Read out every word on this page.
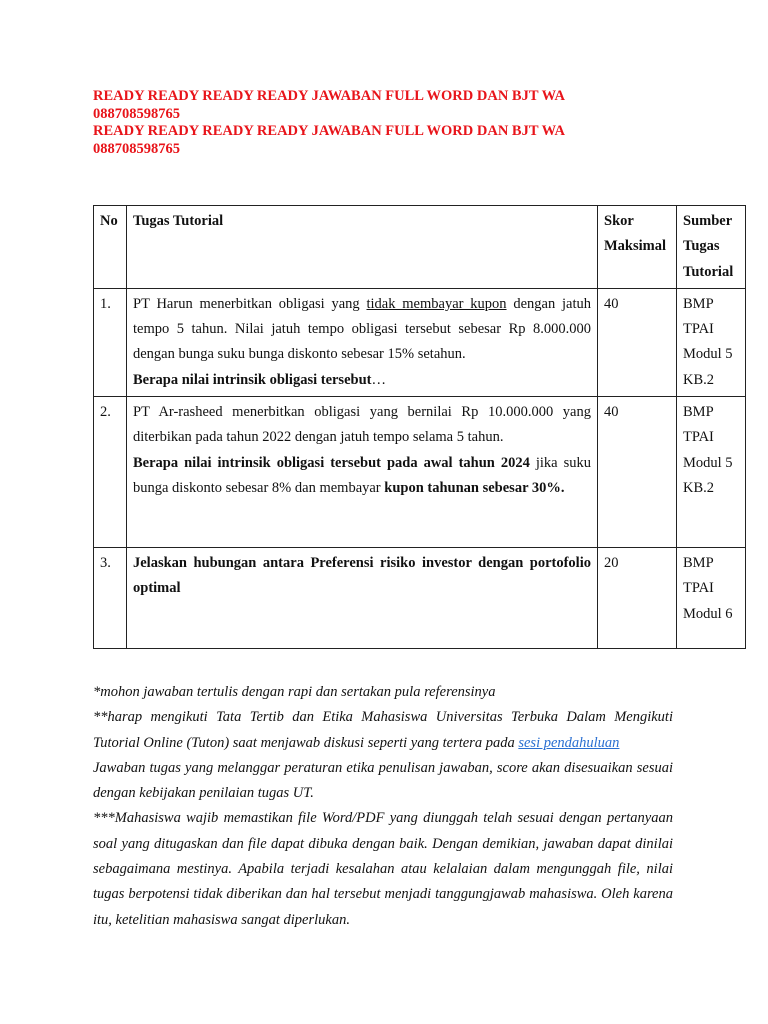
READY READY READY READY JAWABAN FULL WORD DAN BJT WA 088708598765

READY READY READY READY JAWABAN FULL WORD DAN BJT WA 088708598765

No	Tugas Tutorial	Skor Maksimal	Sumber Tugas Tutorial
1.	PT Harun menerbitkan obligasi yang tidak membayar kupon dengan jatuh tempo 5 tahun. Nilai jatuh tempo obligasi tersebut sebesar Rp 8.000.000 dengan bunga suku bunga diskonto sebesar 15% setahun.

Berapa nilai intrinsik obligasi tersebut…	40	BMP TPAI Modul 5 KB.2
2.	PT Ar-rasheed menerbitkan obligasi yang bernilai Rp 10.000.000 yang diterbikan pada tahun 2022 dengan jatuh tempo selama 5 tahun.

Berapa nilai intrinsik obligasi tersebut pada awal tahun 2024 jika suku bunga diskonto sebesar 8% dan membayar kupon tahunan sebesar 30%.	40	BMP TPAI Modul 5 KB.2
3.	Jelaskan hubungan antara Preferensi risiko investor dengan portofolio optimal	20	BMP TPAI Modul 6

*mohon jawaban tertulis dengan rapi dan sertakan pula referensinya

**harap mengikuti Tata Tertib dan Etika Mahasiswa Universitas Terbuka Dalam Mengikuti Tutorial Online (Tuton) saat menjawab diskusi seperti yang tertera pada sesi pendahuluan

Jawaban tugas yang melanggar peraturan etika penulisan jawaban, score akan disesuaikan sesuai dengan kebijakan penilaian tugas UT.

***Mahasiswa wajib memastikan file Word/PDF yang diunggah telah sesuai dengan pertanyaan soal yang ditugaskan dan file dapat dibuka dengan baik. Dengan demikian, jawaban dapat dinilai sebagaimana mestinya. Apabila terjadi kesalahan atau kelalaian dalam mengunggah file, nilai tugas berpotensi tidak diberikan dan hal tersebut menjadi tanggungjawab mahasiswa. Oleh karena itu, ketelitian mahasiswa sangat diperlukan.
